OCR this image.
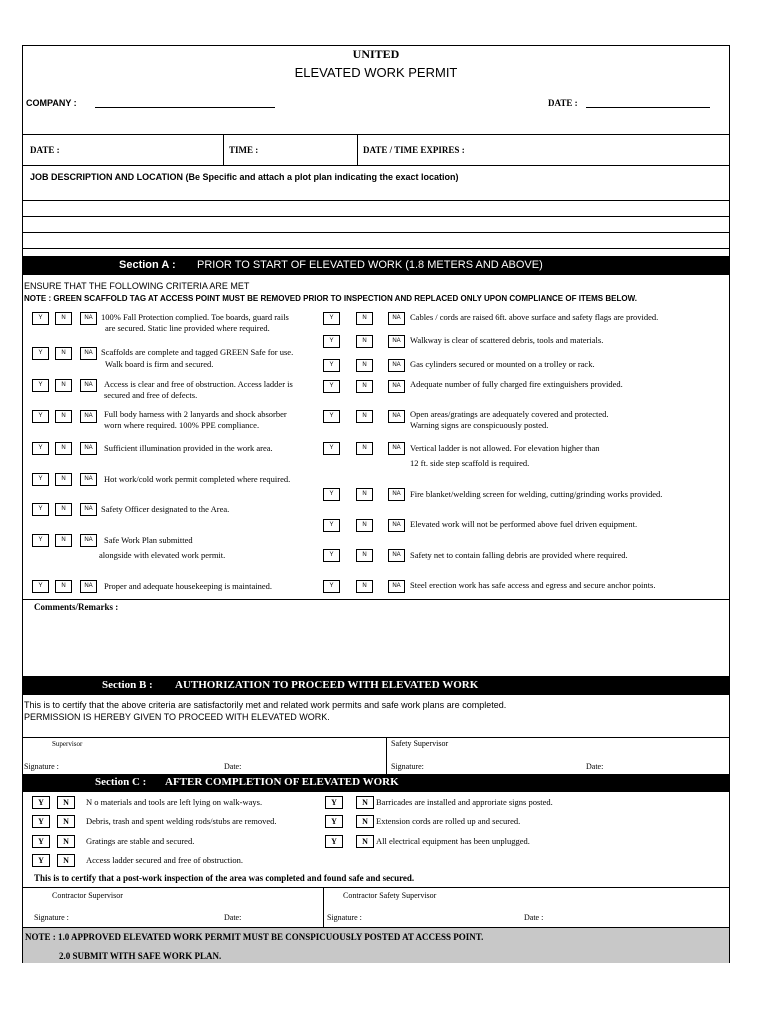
UNITED
ELEVATED WORK PERMIT
COMPANY :	DATE :
DATE :	TIME :	DATE / TIME EXPIRES :
JOB DESCRIPTION AND LOCATION (Be Specific and attach a plot plan indicating the exact location)
Section A : PRIOR TO START OF ELEVATED WORK (1.8 METERS AND ABOVE)
ENSURE THAT THE FOLLOWING CRITERIA ARE MET
NOTE : GREEN SCAFFOLD TAG AT ACCESS POINT MUST BE REMOVED PRIOR TO INSPECTION AND REPLACED ONLY UPON COMPLIANCE OF ITEMS BELOW.
Y	N	NA 100% Fall Protection complied. Toe boards, guard rails
are secured. Static line provided where required.
Y	N	NA Scaffolds are complete and tagged GREEN Safe for use.
Walk board is firm and secured.
Y	N	NA	Access is clear and free of obstruction. Access ladder is
secured and free of defects.
Y	N	NA	Full body harness with 2 lanyards and shock absorber
worn where required. 100% PPE compliance.
Y	N	NA	Sufficient illumination provided in the work area.
Y	N	NA	Hot work/cold work permit completed where required.
Y	N	NA Safety Officer designated to the Area.
Y	N	NA	Safe Work Plan submitted
alongside with elevated work permit.
Y	N	NA	Proper and adequate housekeeping is maintained.
Y	N	NA	Cables / cords are raised 6ft. above surface and safety flags are provided.
Y	N	NA	Walkway is clear of scattered debris, tools and materials.
Y	N	NA	Gas cylinders secured or mounted on a trolley or rack.
Y	N	NA	Adequate number of fully charged fire extinguishers provided.
Y	N	NA	Open areas/gratings are adequately covered and protected.
Warning signs are conspicuously posted.
Y	N	NA	Vertical ladder is not allowed. For elevation higher than
12 ft. side step scaffold is required.
Y	N	NA	Fire blanket/welding screen for welding, cutting/grinding works provided.
Y	N	NA	Elevated work will not be performed above fuel driven equipment.
Y	N	NA	Safety net to contain falling debris are provided where required.
Y	N	NA	Steel erection work has safe access and egress and secure anchor points.
Comments/Remarks :
Section B : AUTHORIZATION TO PROCEED WITH ELEVATED WORK
This is to certify that the above criteria are satisfactorily met and related work permits and safe work plans are completed.
PERMISSION IS HEREBY GIVEN TO PROCEED WITH ELEVATED WORK.
Supervisor	Safety Supervisor
Signature :	Date:	Signature:	Date:
Section C : AFTER COMPLETION OF ELEVATED WORK
Y	N	N o materials and tools are left lying on walk-ways.
Y	N	Debris, trash and spent welding rods/stubs are removed.
Y	N	Gratings are stable and secured.
Y	N	Access ladder secured and free of obstruction.
Y	N Barricades are installed and approriate signs posted.
Y	N Extension cords are rolled up and secured.
Y	N All electrical equipment has been unplugged.
This is to certify that a post-work inspection of the area was completed and found safe and secured.
Contractor Supervisor	Contractor Safety Supervisor
Signature :	Date:	Signature :	Date :
NOTE : 1.0 APPROVED ELEVATED WORK PERMIT MUST BE CONSPICUOUSLY POSTED AT ACCESS POINT.
2.0 SUBMIT WITH SAFE WORK PLAN.
